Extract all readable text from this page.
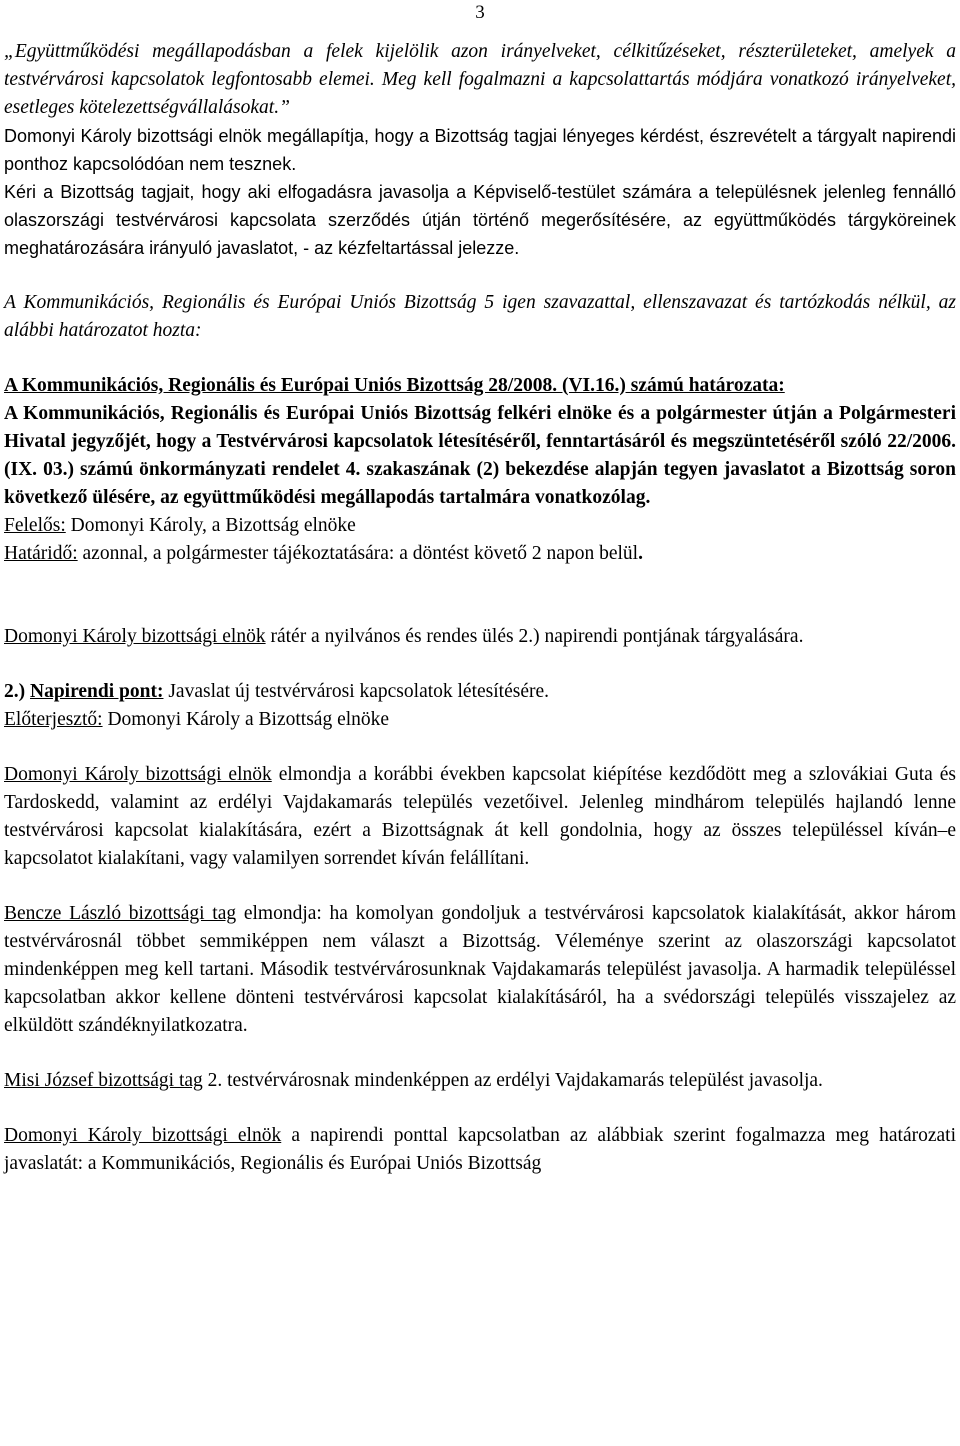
3

„Együttműködési megállapodásban a felek kijelölik azon irányelveket, célkitűzéseket, részterületeket, amelyek a testvérvárosi kapcsolatok legfontosabb elemei. Meg kell fogalmazni a kapcsolattartás módjára vonatkozó irányelveket, esetleges kötelezettségvállalásokat.”

Domonyi Károly bizottsági elnök megállapítja, hogy a Bizottság tagjai lényeges kérdést, észrevételt a tárgyalt napirendi ponthoz kapcsolódóan nem tesznek.

Kéri a Bizottság tagjait, hogy aki elfogadásra javasolja a Képviselő-testület számára a településnek jelenleg fennálló olaszországi testvérvárosi kapcsolata szerződés útján történő megerősítésére, az együttműködés tárgyköreinek meghatározására irányuló javaslatot, - az kézfeltartással jelezze.

A Kommunikációs, Regionális és Európai Uniós Bizottság 5 igen szavazattal, ellenszavazat és tartózkodás nélkül, az alábbi határozatot hozta:

A Kommunikációs, Regionális és Európai Uniós Bizottság 28/2008. (VI.16.) számú határozata:

A Kommunikációs, Regionális és Európai Uniós Bizottság felkéri elnöke és a polgármester útján a Polgármesteri Hivatal jegyzőjét, hogy a Testvérvárosi kapcsolatok létesítéséről, fenntartásáról és megszüntetéséről szóló 22/2006. (IX. 03.) számú önkormányzati rendelet 4. szakaszának (2) bekezdése alapján tegyen javaslatot a Bizottság soron következő ülésére, az együttműködési megállapodás tartalmára vonatkozólag.

Felelős: Domonyi Károly, a Bizottság elnöke

Határidő: azonnal, a polgármester tájékoztatására: a döntést követő 2 napon belül.

Domonyi Károly bizottsági elnök rátér a nyilvános és rendes ülés 2.) napirendi pontjának tárgyalására.

2.) Napirendi pont: Javaslat új testvérvárosi kapcsolatok létesítésére.

Előterjesztő: Domonyi Károly a Bizottság elnöke

Domonyi Károly bizottsági elnök elmondja a korábbi években kapcsolat kiépítése kezdődött meg a szlovákiai Guta és Tardoskedd, valamint az erdélyi Vajdakamarás település vezetőivel. Jelenleg mindhárom település hajlandó lenne testvérvárosi kapcsolat kialakítására, ezért a Bizottságnak át kell gondolnia, hogy az összes településsel kíván–e kapcsolatot kialakítani, vagy valamilyen sorrendet kíván felállítani.

Bencze László bizottsági tag elmondja: ha komolyan gondoljuk a testvérvárosi kapcsolatok kialakítását, akkor három testvérvárosnál többet semmiképpen nem választ a Bizottság. Véleménye szerint az olaszországi kapcsolatot mindenképpen meg kell tartani. Második testvérvárosunknak Vajdakamarás települést javasolja. A harmadik településsel kapcsolatban akkor kellene dönteni testvérvárosi kapcsolat kialakításáról, ha a svédországi település visszajelez az elküldött szándéknyilatkozatra.

Misi József bizottsági tag 2. testvérvárosnak mindenképpen az erdélyi Vajdakamarás települést javasolja.

Domonyi Károly bizottsági elnök a napirendi ponttal kapcsolatban az alábbiak szerint fogalmazza meg határozati javaslatát: a Kommunikációs, Regionális és Európai Uniós Bizottság
